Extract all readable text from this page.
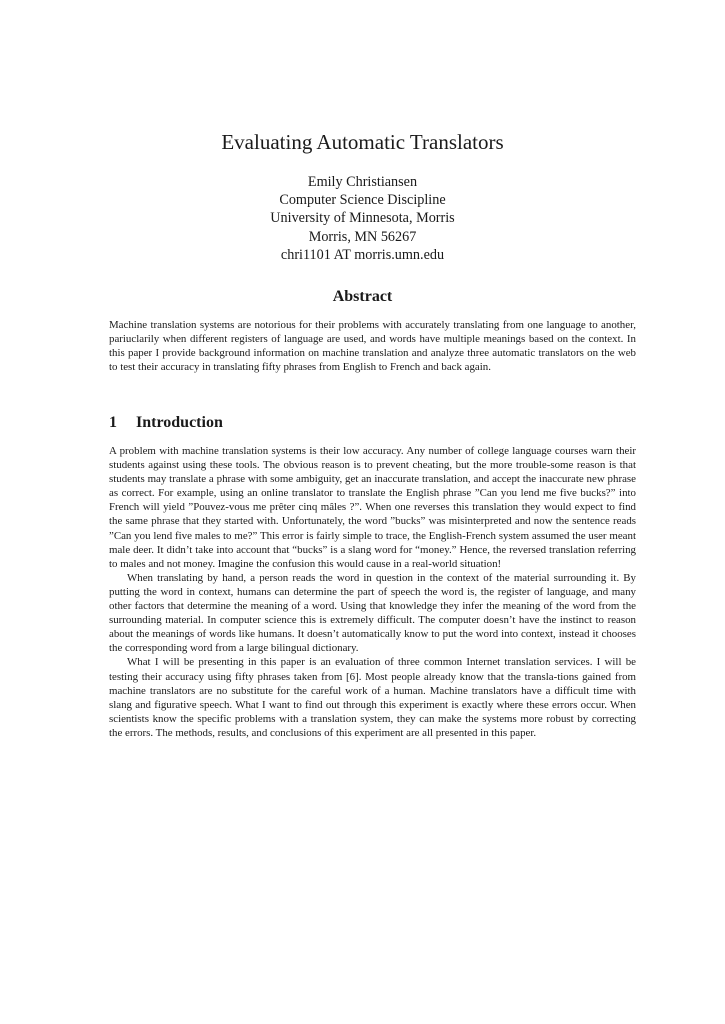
Evaluating Automatic Translators
Emily Christiansen
Computer Science Discipline
University of Minnesota, Morris
Morris, MN 56267
chri1101 AT morris.umn.edu
Abstract

Machine translation systems are notorious for their problems with accurately translating from one language to another, pariuclarily when different registers of language are used, and words have multiple meanings based on the context. In this paper I provide background information on machine translation and analyze three automatic translators on the web to test their accuracy in translating fifty phrases from English to French and back again.

1 Introduction

A problem with machine translation systems is their low accuracy. Any number of college language courses warn their students against using these tools. The obvious reason is to prevent cheating, but the more trouble-some reason is that students may translate a phrase with some ambiguity, get an inaccurate translation, and accept the inaccurate new phrase as correct. For example, using an online translator to translate the English phrase ”Can you lend me five bucks?” into French will yield ”Pouvez-vous me prêter cinq mâles ?”. When one reverses this translation they would expect to find the same phrase that they started with. Unfortunately, the word ”bucks” was misinterpreted and now the sentence reads ”Can you lend five males to me?” This error is fairly simple to trace, the English-French system assumed the user meant male deer. It didn’t take into account that “bucks” is a slang word for “money.” Hence, the reversed translation referring to males and not money. Imagine the confusion this would cause in a real-world situation!

When translating by hand, a person reads the word in question in the context of the material surrounding it. By putting the word in context, humans can determine the part of speech the word is, the register of language, and many other factors that determine the meaning of a word. Using that knowledge they infer the meaning of the word from the surrounding material. In computer science this is extremely difficult. The computer doesn’t have the instinct to reason about the meanings of words like humans. It doesn’t automatically know to put the word into context, instead it chooses the corresponding word from a large bilingual dictionary.

What I will be presenting in this paper is an evaluation of three common Internet translation services. I will be testing their accuracy using fifty phrases taken from [6]. Most people already know that the transla-tions gained from machine translators are no substitute for the careful work of a human. Machine translators have a difficult time with slang and figurative speech. What I want to find out through this experiment is exactly where these errors occur. When scientists know the specific problems with a translation system, they can make the systems more robust by correcting the errors. The methods, results, and conclusions of this experiment are all presented in this paper.
